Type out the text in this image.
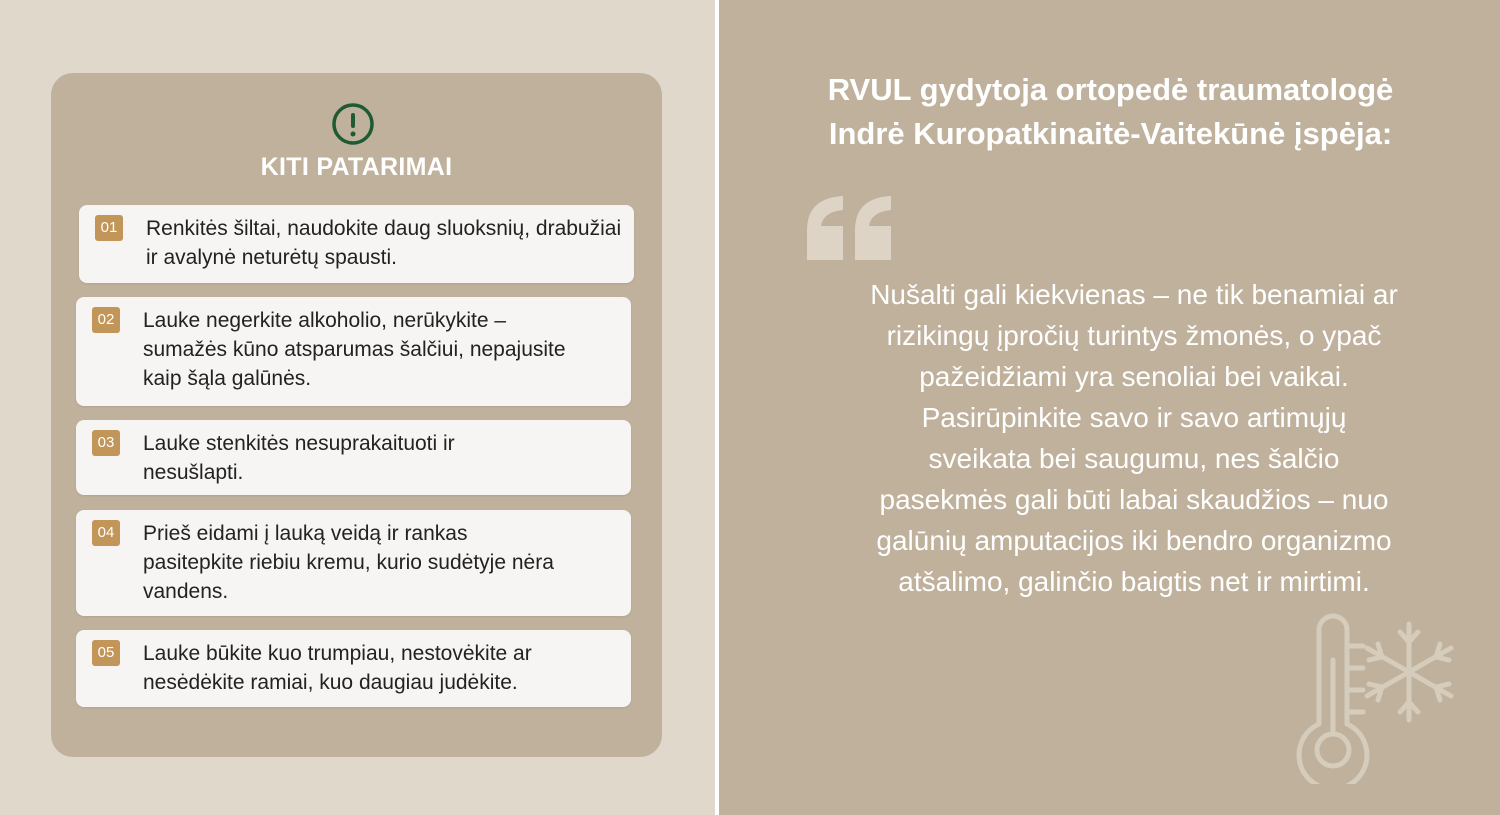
KITI PATARIMAI
01 Renkitės šiltai, naudokite daug sluoksnių, drabužiai ir avalynė neturėtų spausti.
02 Lauke negerkite alkoholio, nerūkykite – sumažės kūno atsparumas šalčiui, nepajusite kaip šąla galūnės.
03 Lauke stenkitės nesuprakaituoti ir nesušlapti.
04 Prieš eidami į lauką veidą ir rankas pasitepkite riebiu kremu, kurio sudėtyje nėra vandens.
05 Lauke būkite kuo trumpiau, nestovėkite ar nesėdėkite ramiai, kuo daugiau judėkite.
RVUL gydytoja ortopedė traumatologė
Indrė Kuropatkinaitė-Vaitekūnė įspėja:
Nušalti gali kiekvienas – ne tik benamiai ar
rizikingų įpročių turintys žmonės, o ypač
pažeidžiami yra senoliai bei vaikai.
Pasirūpinkite savo ir savo artimųjų
sveikata bei saugumu, nes šalčio
pasekmės gali būti labai skaudžios – nuo
galūnių amputacijos iki bendro organizmo
atšalimo, galinčio baigtis net ir mirtimi.
